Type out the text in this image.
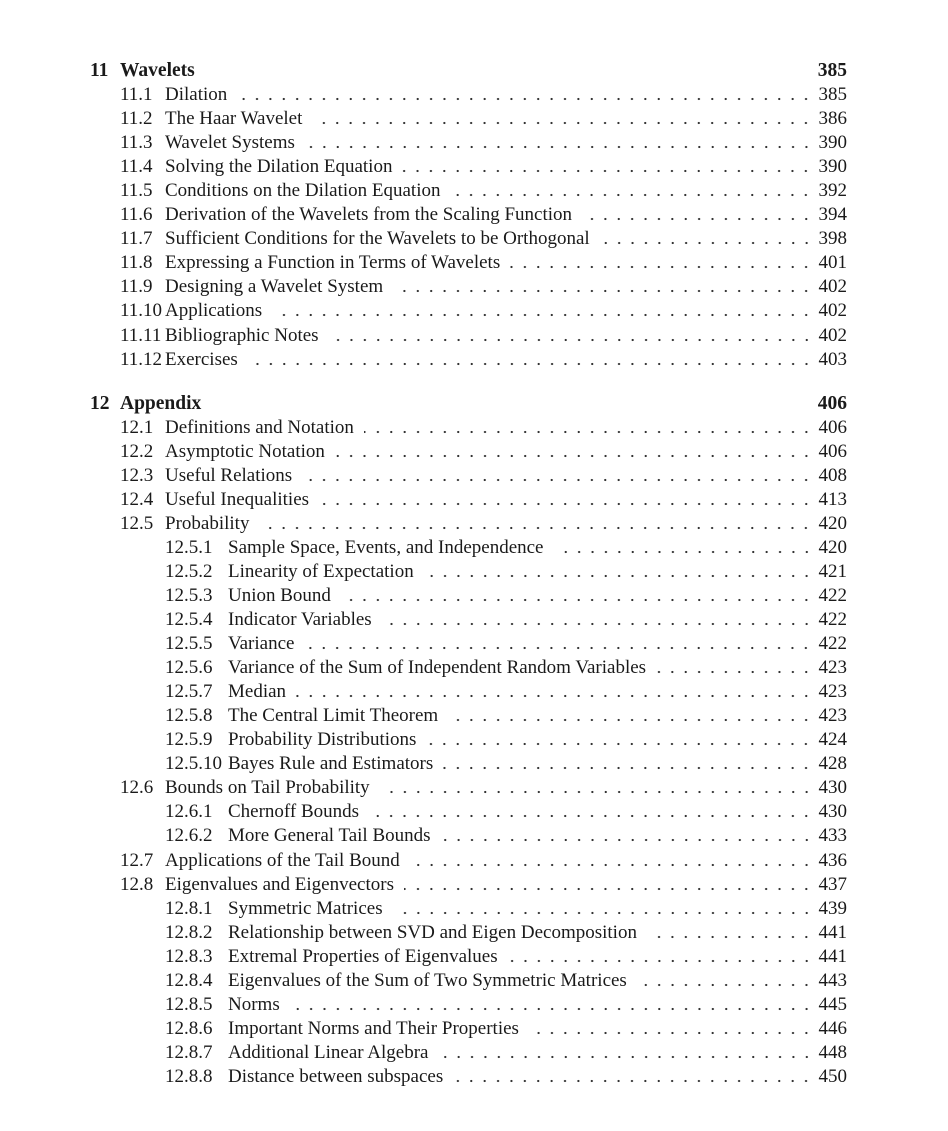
11 Wavelets	385
11.1 Dilation	385
11.2 The Haar Wavelet	386
11.3 Wavelet Systems	390
11.4 Solving the Dilation Equation	390
11.5 Conditions on the Dilation Equation	392
11.6 Derivation of the Wavelets from the Scaling Function	394
11.7 Sufficient Conditions for the Wavelets to be Orthogonal	398
11.8 Expressing a Function in Terms of Wavelets	401
11.9 Designing a Wavelet System	402
11.10 Applications	402
11.11 Bibliographic Notes	402
11.12 Exercises	403
12 Appendix	406
12.1 Definitions and Notation	406
12.2 Asymptotic Notation	406
12.3 Useful Relations	408
12.4 Useful Inequalities	413
12.5 Probability	420
12.5.1 Sample Space, Events, and Independence	420
12.5.2 Linearity of Expectation	421
12.5.3 Union Bound	422
12.5.4 Indicator Variables	422
12.5.5 Variance	422
12.5.6 Variance of the Sum of Independent Random Variables	423
12.5.7 Median	423
12.5.8 The Central Limit Theorem	423
12.5.9 Probability Distributions	424
12.5.10 Bayes Rule and Estimators	428
12.6 Bounds on Tail Probability	430
12.6.1 Chernoff Bounds	430
12.6.2 More General Tail Bounds	433
12.7 Applications of the Tail Bound	436
12.8 Eigenvalues and Eigenvectors	437
12.8.1 Symmetric Matrices	439
12.8.2 Relationship between SVD and Eigen Decomposition	441
12.8.3 Extremal Properties of Eigenvalues	441
12.8.4 Eigenvalues of the Sum of Two Symmetric Matrices	443
12.8.5 Norms	445
12.8.6 Important Norms and Their Properties	446
12.8.7 Additional Linear Algebra	448
12.8.8 Distance between subspaces	450
